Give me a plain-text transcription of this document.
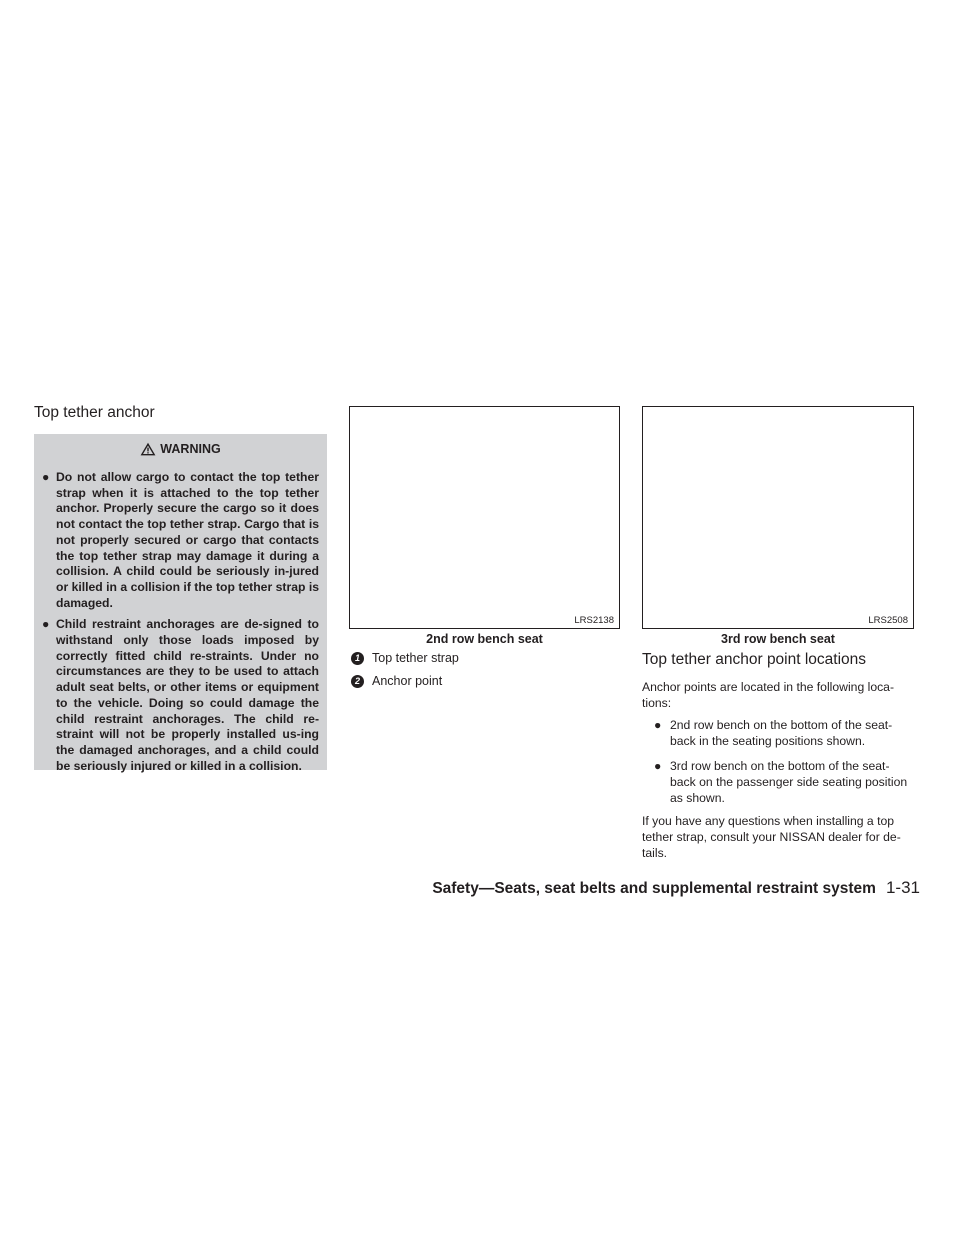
Top tether anchor
WARNING
● Do not allow cargo to contact the top tether strap when it is attached to the top tether anchor. Properly secure the cargo so it does not contact the top tether strap. Cargo that is not properly secured or cargo that contacts the top tether strap may damage it during a collision. A child could be seriously in-jured or killed in a collision if the top tether strap is damaged.
● Child restraint anchorages are de-signed to withstand only those loads imposed by correctly fitted child re-straints. Under no circumstances are they to be used to attach adult seat belts, or other items or equipment to the vehicle. Doing so could damage the child restraint anchorages. The child re-straint will not be properly installed us-ing the damaged anchorages, and a child could be seriously injured or killed in a collision.
LRS2138
2nd row bench seat
1 Top tether strap
2 Anchor point
LRS2508
3rd row bench seat
Top tether anchor point locations
Anchor points are located in the following loca-tions:
● 2nd row bench on the bottom of the seat-back in the seating positions shown.
● 3rd row bench on the bottom of the seat-back on the passenger side seating position as shown.
If you have any questions when installing a top tether strap, consult your NISSAN dealer for de-tails.
Safety—Seats, seat belts and supplemental restraint system 1-31
